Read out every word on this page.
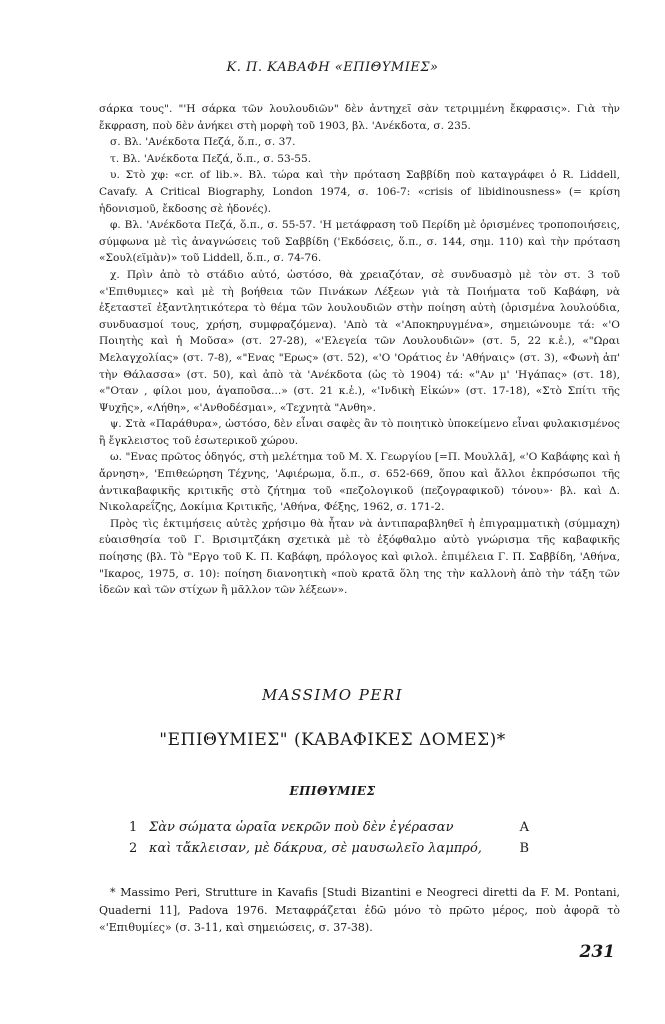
Κ. Π. ΚΑΒΑΦΗ «ΕΠΙΘΥΜΙΕΣ»

σάρκα τους". "'Η σάρκα τῶν λουλουδιῶν" δὲν ἀντηχεῖ σὰν τετριμμένη ἔκφρασις». Γιὰ τὴν ἔκφραση, ποὺ δὲν ἀνήκει στὴ μορφὴ τοῦ 1903, βλ. 'Ανέκδοτα, σ. 235.

σ. Βλ. 'Ανέκδοτα Πεζά, ὅ.π., σ. 37.

τ. Βλ. 'Ανέκδοτα Πεζά, ὅ.π., σ. 53-55.

υ. Στὸ χφ: «cr. of lib.». Βλ. τώρα καὶ τὴν πρόταση Σαββίδη ποὺ καταγράφει ὁ R. Liddell, Cavafy. A Critical Biography, London 1974, σ. 106-7: «crisis of libidinousness» (= κρίση ἡδονισμοῦ, ἔκδοσης σὲ ἡδονές).

φ. Βλ. 'Ανέκδοτα Πεζά, ὅ.π., σ. 55-57. 'Η μετάφραση τοῦ Περίδη μὲ ὁρισμένες τροποποιήσεις, σύμφωνα μὲ τὶς ἀναγνώσεις τοῦ Σαββίδη ('Εκδόσεις, ὅ.π., σ. 144, σημ. 110) καὶ τὴν πρόταση «Σουλ(εϊμὰν)» τοῦ Liddell, ὅ.π., σ. 74-76.

χ. Πρὶν ἀπὸ τὸ στάδιο αὐτό, ὡστόσο, θὰ χρειαζόταν, σὲ συνδυασμὸ μὲ τὸν στ. 3 τοῦ «'Επιθυμιες» καὶ μὲ τὴ βοήθεια τῶν Πινάκων Λέξεων γιὰ τὰ Ποιήματα τοῦ Καβάφη, νὰ ἐξεταστεῖ ἐξαντλητικότερα τὸ θέμα τῶν λουλουδιῶν στὴν ποίηση αὐτὴ (ὁρισμένα λουλούδια, συνδυασμοί τους, χρήση, συμφραζόμενα). 'Απὸ τὰ «'Αποκηρυγμένα», σημειώνουμε τά: «'Ο Ποιητὴς καὶ ἡ Μοῦσα» (στ. 27-28), «'Ελεγεία τῶν Λουλουδιῶν» (στ. 5, 22 κ.ἑ.), «"Ωραι Μελαγχολίας» (στ. 7-8), «"Ενας "Ερως» (στ. 52), «'Ο 'Οράτιος ἐν 'Αθήναις» (στ. 3), «Φωνὴ ἀπ' τὴν Θάλασσα» (στ. 50), καὶ ἀπὸ τὰ 'Ανέκδοτα (ὡς τὸ 1904) τά: «"Αν μ' 'Ηγάπας» (στ. 18), «"Οταν , φίλοι μου, ἀγαποῦσα...» (στ. 21 κ.ἑ.), «'Ινδικὴ Εἰκών» (στ. 17-18), «Στὸ Σπίτι τῆς Ψυχῆς», «Λήθη», «'Ανθοδέσμαι», «Τεχνητὰ "Ανθη».

ψ. Στὰ «Παράθυρα», ὡστόσο, δὲν εἶναι σαφὲς ἂν τὸ ποιητικὸ ὑποκείμενο εἶναι φυλακισμένος ἢ ἔγκλειστος τοῦ ἐσωτερικοῦ χώρου.

ω. "Ενας πρῶτος ὁδηγός, στὴ μελέτημα τοῦ Μ. Χ. Γεωργίου [=Π. Μουλλᾶ], «'Ο Καβάφης καὶ ἡ ἄρνηση», 'Επιθεώρηση Τέχνης, 'Αφιέρωμα, ὅ.π., σ. 652-669, ὅπου καὶ ἄλλοι ἐκπρόσωποι τῆς ἀντικαβαφικῆς κριτικῆς στὸ ζήτημα τοῦ «πεζολογικοῦ (πεζογραφικοῦ) τόνου»· βλ. καὶ Δ. Νικολαρεΐζης, Δοκίμια Κριτικῆς, 'Αθήνα, Φέξης, 1962, σ. 171-2.

Πρὸς τὶς ἐκτιμήσεις αὐτὲς χρήσιμο θὰ ἦταν νὰ ἀντιπαραβληθεῖ ἡ ἐπιγραμματικὴ (σύμμαχη) εὐαισθησία τοῦ Γ. Βρισιμτζάκη σχετικὰ μὲ τὸ ἐξόφθαλμο αὐτὸ γνώρισμα τῆς καβαφικῆς ποίησης (βλ. Τὸ "Εργο τοῦ Κ. Π. Καβάφη, πρόλογος καὶ φιλολ. ἐπιμέλεια Γ. Π. Σαββίδη, 'Αθήνα, "Ικαρος, 1975, σ. 10): ποίηση διανοητικὴ «ποὺ κρατᾶ ὅλη της τὴν καλλονὴ ἀπὸ τὴν τάξη τῶν ἰδεῶν καὶ τῶν στίχων ἢ μᾶλλον τῶν λέξεων».

MASSIMO PERI
"ΕΠΙΘΥΜΙΕΣ" (ΚΑΒΑΦΙΚΕΣ ΔΟΜΕΣ)*
ΕΠΙΘΥΜΙΕΣ
1 Σὰν σώματα ὡραῖα νεκρῶν ποὺ δὲν ἐγέρασαν	A
2 καὶ τἄκλεισαν, μὲ δάκρυα, σὲ μαυσωλεῖο λαμπρό,	B
* Massimo Peri, Strutture in Kavafis [Studi Bizantini e Neogreci diretti da F. M. Pontani, Quaderni 11], Padova 1976. Μεταφράζεται ἐδῶ μόνο τὸ πρῶτο μέρος, ποὺ ἀφορᾶ τὸ «'Επιθυμίες» (σ. 3-11, καὶ σημειώσεις, σ. 37-38).
231
